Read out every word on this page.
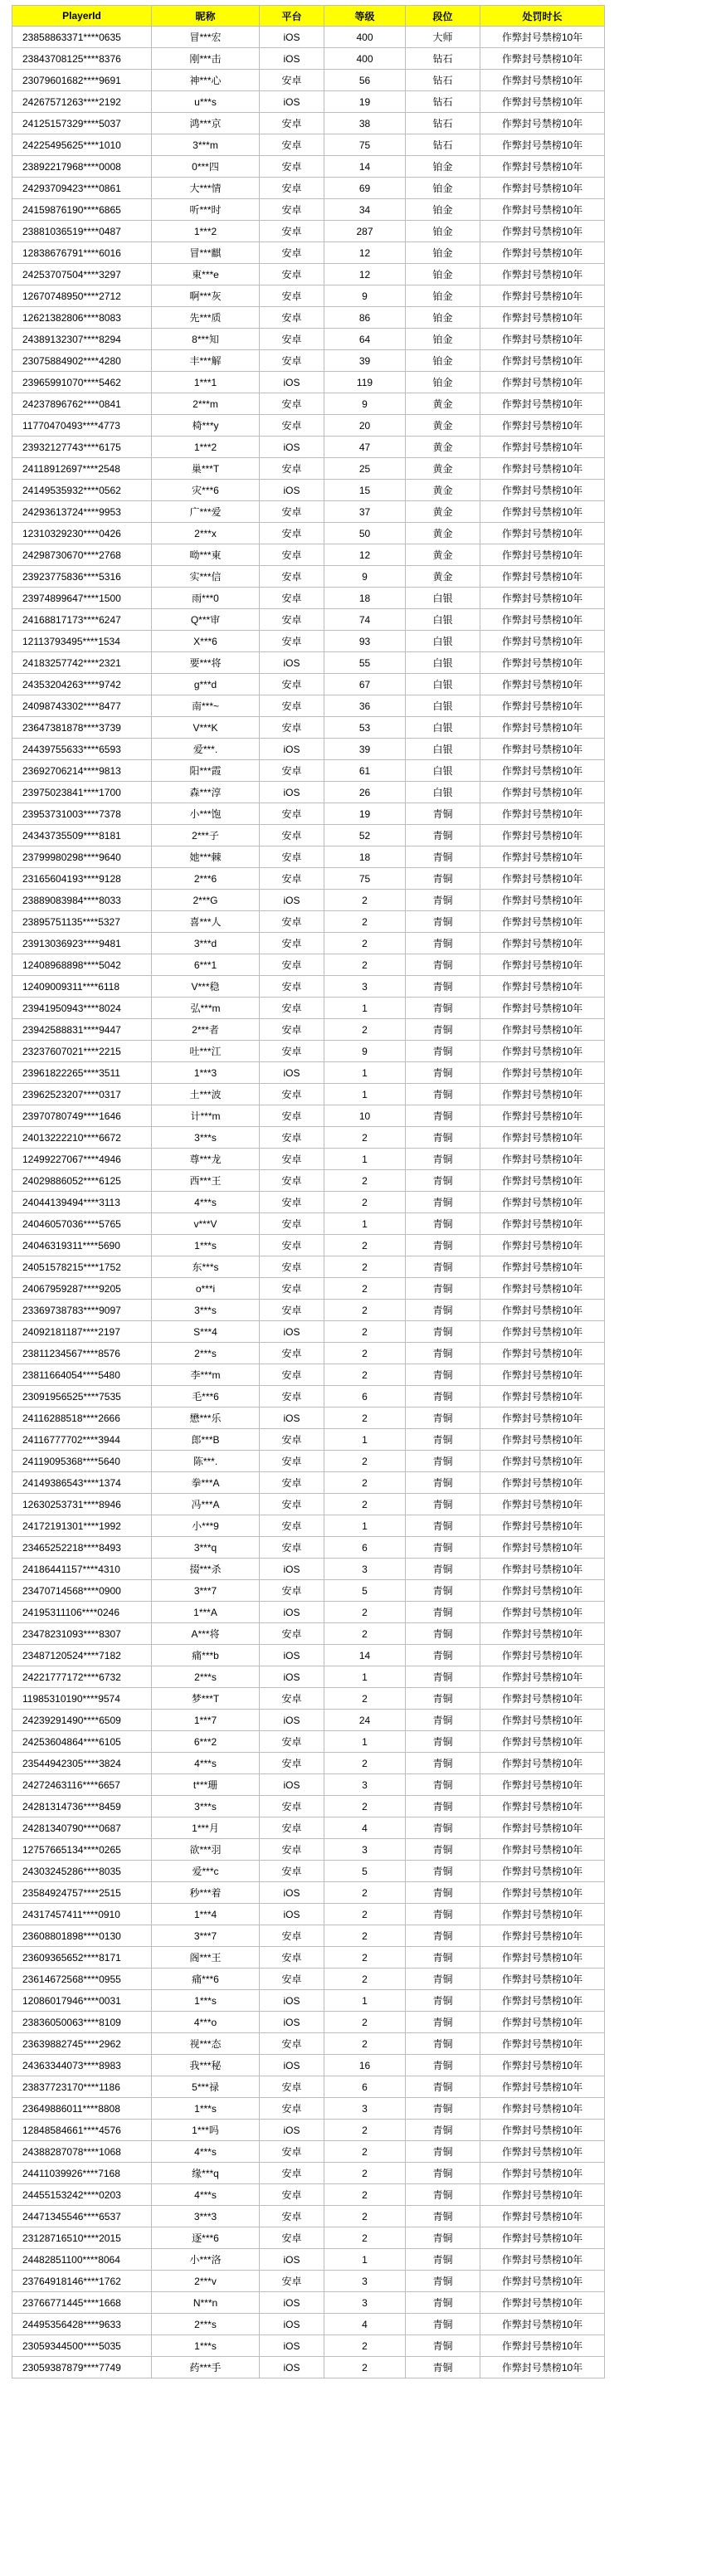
PlayerId	昵称	平台	等级	段位	处罚时长
23858863371****0635	冒***宏	iOS	400	大师	作弊封号禁榜10年
23843708125****8376	刚***击	iOS	400	钻石	作弊封号禁榜10年
23079601682****9691	神***心	安卓	56	钻石	作弊封号禁榜10年
24267571263****2192	u***s	iOS	19	钻石	作弊封号禁榜10年
24125157329****5037	鸿***京	安卓	38	钻石	作弊封号禁榜10年
24225495625****1010	3***m	安卓	75	钻石	作弊封号禁榜10年
23892217968****0008	0***四	安卓	14	铂金	作弊封号禁榜10年
24293709423****0861	大***情	安卓	69	铂金	作弊封号禁榜10年
24159876190****6865	听***时	安卓	34	铂金	作弊封号禁榜10年
23881036519****0487	1***2	安卓	287	铂金	作弊封号禁榜10年
12838676791****6016	冒***麒	安卓	12	铂金	作弊封号禁榜10年
24253707504****3297	東***e	安卓	12	铂金	作弊封号禁榜10年
12670748950****2712	啊***灰	安卓	9	铂金	作弊封号禁榜10年
12621382806****8083	先***质	安卓	86	铂金	作弊封号禁榜10年
24389132307****8294	8***知	安卓	64	铂金	作弊封号禁榜10年
23075884902****4280	丰***解	安卓	39	铂金	作弊封号禁榜10年
23965991070****5462	1***1	iOS	119	铂金	作弊封号禁榜10年
24237896762****0841	2***m	安卓	9	黄金	作弊封号禁榜10年
11770470493****4773	椅***y	安卓	20	黄金	作弊封号禁榜10年
23932127743****6175	1***2	iOS	47	黄金	作弊封号禁榜10年
24118912697****2548	巢***T	安卓	25	黄金	作弊封号禁榜10年
24149535932****0562	灾***6	iOS	15	黄金	作弊封号禁榜10年
24293613724****9953	广***爱	安卓	37	黄金	作弊封号禁榜10年
12310329230****0426	2***x	安卓	50	黄金	作弊封号禁榜10年
24298730670****2768	呦***東	安卓	12	黄金	作弊封号禁榜10年
23923775836****5316	实***信	安卓	9	黄金	作弊封号禁榜10年
23974899647****1500	雨***0	安卓	18	白银	作弊封号禁榜10年
24168817173****6247	Q***审	安卓	74	白银	作弊封号禁榜10年
12113793495****1534	X***6	安卓	93	白银	作弊封号禁榜10年
24183257742****2321	要***将	iOS	55	白银	作弊封号禁榜10年
24353204263****9742	g***d	安卓	67	白银	作弊封号禁榜10年
24098743302****8477	南***~	安卓	36	白银	作弊封号禁榜10年
23647381878****3739	V***K	安卓	53	白银	作弊封号禁榜10年
24439755633****6593	爱***.	iOS	39	白银	作弊封号禁榜10年
23692706214****9813	阳***霞	安卓	61	白银	作弊封号禁榜10年
23975023841****1700	森***淳	iOS	26	白银	作弊封号禁榜10年
23953731003****7378	小***饱	安卓	19	青铜	作弊封号禁榜10年
24343735509****8181	2***子	安卓	52	青铜	作弊封号禁榜10年
23799980298****9640	她***棘	安卓	18	青铜	作弊封号禁榜10年
23165604193****9128	2***6	安卓	75	青铜	作弊封号禁榜10年
23889083984****8033	2***G	iOS	2	青铜	作弊封号禁榜10年
23895751135****5327	喜***人	安卓	2	青铜	作弊封号禁榜10年
23913036923****9481	3***d	安卓	2	青铜	作弊封号禁榜10年
12408968898****5042	6***1	安卓	2	青铜	作弊封号禁榜10年
12409009311****6118	V***稳	安卓	3	青铜	作弊封号禁榜10年
23941950943****8024	弘***m	安卓	1	青铜	作弊封号禁榜10年
23942588831****9447	2***者	安卓	2	青铜	作弊封号禁榜10年
23237607021****2215	吐***江	安卓	9	青铜	作弊封号禁榜10年
23961822265****3511	1***3	iOS	1	青铜	作弊封号禁榜10年
23962523207****0317	土***波	安卓	1	青铜	作弊封号禁榜10年
23970780749****1646	计***m	安卓	10	青铜	作弊封号禁榜10年
24013222210****6672	3***s	安卓	2	青铜	作弊封号禁榜10年
12499227067****4946	尊***龙	安卓	1	青铜	作弊封号禁榜10年
24029886052****6125	西***王	安卓	2	青铜	作弊封号禁榜10年
24044139494****3113	4***s	安卓	2	青铜	作弊封号禁榜10年
24046057036****5765	v***V	安卓	1	青铜	作弊封号禁榜10年
24046319311****5690	1***s	安卓	2	青铜	作弊封号禁榜10年
24051578215****1752	东***s	安卓	2	青铜	作弊封号禁榜10年
24067959287****9205	o***i	安卓	2	青铜	作弊封号禁榜10年
23369738783****9097	3***s	安卓	2	青铜	作弊封号禁榜10年
24092181187****2197	S***4	iOS	2	青铜	作弊封号禁榜10年
23811234567****8576	2***s	安卓	2	青铜	作弊封号禁榜10年
23811664054****5480	李***m	安卓	2	青铜	作弊封号禁榜10年
23091956525****7535	毛***6	安卓	6	青铜	作弊封号禁榜10年
24116288518****2666	懋***乐	iOS	2	青铜	作弊封号禁榜10年
24116777702****3944	郎***B	安卓	1	青铜	作弊封号禁榜10年
24119095368****5640	陈***.	安卓	2	青铜	作弊封号禁榜10年
24149386543****1374	拳***A	安卓	2	青铜	作弊封号禁榜10年
12630253731****8946	冯***A	安卓	2	青铜	作弊封号禁榜10年
24172191301****1992	小***9	安卓	1	青铜	作弊封号禁榜10年
23465252218****8493	3***q	安卓	6	青铜	作弊封号禁榜10年
24186441157****4310	掇***杀	iOS	3	青铜	作弊封号禁榜10年
23470714568****0900	3***7	安卓	5	青铜	作弊封号禁榜10年
24195311106****0246	1***A	iOS	2	青铜	作弊封号禁榜10年
23478231093****8307	A***将	安卓	2	青铜	作弊封号禁榜10年
23487120524****7182	痛***b	iOS	14	青铜	作弊封号禁榜10年
24221777172****6732	2***s	iOS	1	青铜	作弊封号禁榜10年
11985310190****9574	梦***T	安卓	2	青铜	作弊封号禁榜10年
24239291490****6509	1***7	iOS	24	青铜	作弊封号禁榜10年
24253604864****6105	6***2	安卓	1	青铜	作弊封号禁榜10年
23544942305****3824	4***s	安卓	2	青铜	作弊封号禁榜10年
24272463116****6657	t***珊	iOS	3	青铜	作弊封号禁榜10年
24281314736****8459	3***s	安卓	2	青铜	作弊封号禁榜10年
24281340790****0687	1***月	安卓	4	青铜	作弊封号禁榜10年
12757665134****0265	欲***羽	安卓	3	青铜	作弊封号禁榜10年
24303245286****8035	爱***c	安卓	5	青铜	作弊封号禁榜10年
23584924757****2515	秒***着	iOS	2	青铜	作弊封号禁榜10年
24317457411****0910	1***4	iOS	2	青铜	作弊封号禁榜10年
23608801898****0130	3***7	安卓	2	青铜	作弊封号禁榜10年
23609365652****8171	阁***王	安卓	2	青铜	作弊封号禁榜10年
23614672568****0955	痛***6	安卓	2	青铜	作弊封号禁榜10年
12086017946****0031	1***s	iOS	1	青铜	作弊封号禁榜10年
23836050063****8109	4***o	iOS	2	青铜	作弊封号禁榜10年
23639882745****2962	视***态	安卓	2	青铜	作弊封号禁榜10年
24363344073****8983	我***秘	iOS	16	青铜	作弊封号禁榜10年
23837723170****1186	5***禄	安卓	6	青铜	作弊封号禁榜10年
23649886011****8808	1***s	安卓	3	青铜	作弊封号禁榜10年
12848584661****4576	1***吗	iOS	2	青铜	作弊封号禁榜10年
24388287078****1068	4***s	安卓	2	青铜	作弊封号禁榜10年
24411039926****7168	缘***q	安卓	2	青铜	作弊封号禁榜10年
24455153242****0203	4***s	安卓	2	青铜	作弊封号禁榜10年
24471345546****6537	3***3	安卓	2	青铜	作弊封号禁榜10年
23128716510****2015	逐***6	安卓	2	青铜	作弊封号禁榜10年
24482851100****8064	小***洛	iOS	1	青铜	作弊封号禁榜10年
23764918146****1762	2***v	安卓	3	青铜	作弊封号禁榜10年
23766771445****1668	N***n	iOS	3	青铜	作弊封号禁榜10年
24495356428****9633	2***s	iOS	4	青铜	作弊封号禁榜10年
23059344500****5035	1***s	iOS	2	青铜	作弊封号禁榜10年
23059387879****7749	药***手	iOS	2	青铜	作弊封号禁榜10年
